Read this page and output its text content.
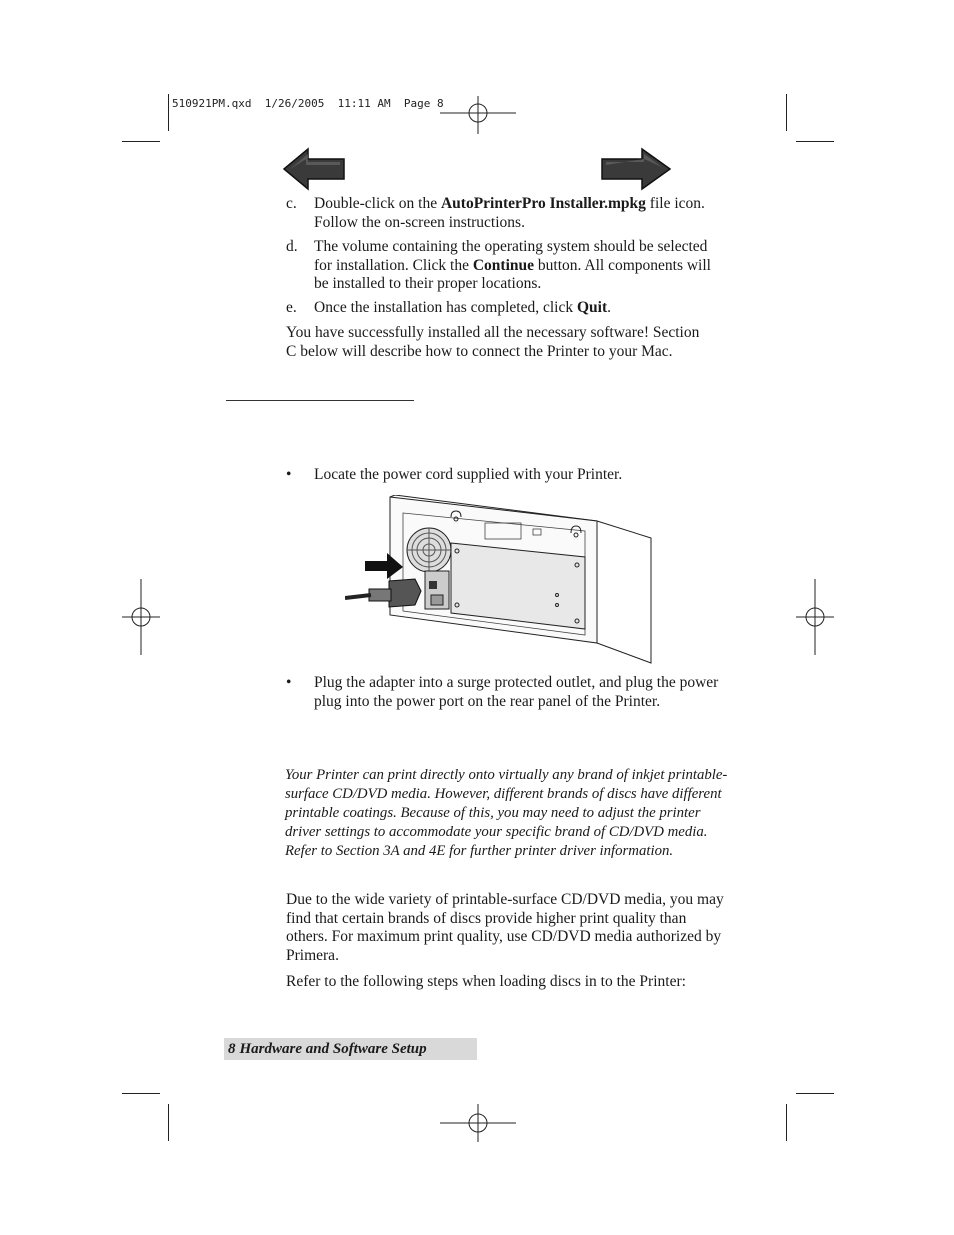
510921PM.qxd 1/26/2005 11:11 AM Page 8
c. Double-click on the AutoPrinterPro Installer.mpkg file icon. Follow the on-screen instructions.
d. The volume containing the operating system should be selected for installation. Click the Continue button. All components will be installed to their proper locations.
e. Once the installation has completed, click Quit.
You have successfully installed all the necessary software! Section C below will describe how to connect the Printer to your Mac.
• Locate the power cord supplied with your Printer.
• Plug the adapter into a surge protected outlet, and plug the power plug into the power port on the rear panel of the Printer.
Your Printer can print directly onto virtually any brand of inkjet printable-surface CD/DVD media. However, different brands of discs have different printable coatings. Because of this, you may need to adjust the printer driver settings to accommodate your specific brand of CD/DVD media. Refer to Section 3A and 4E for further printer driver information.
Due to the wide variety of printable-surface CD/DVD media, you may find that certain brands of discs provide higher print quality than others. For maximum print quality, use CD/DVD media authorized by Primera.
Refer to the following steps when loading discs in to the Printer:
8 Hardware and Software Setup
